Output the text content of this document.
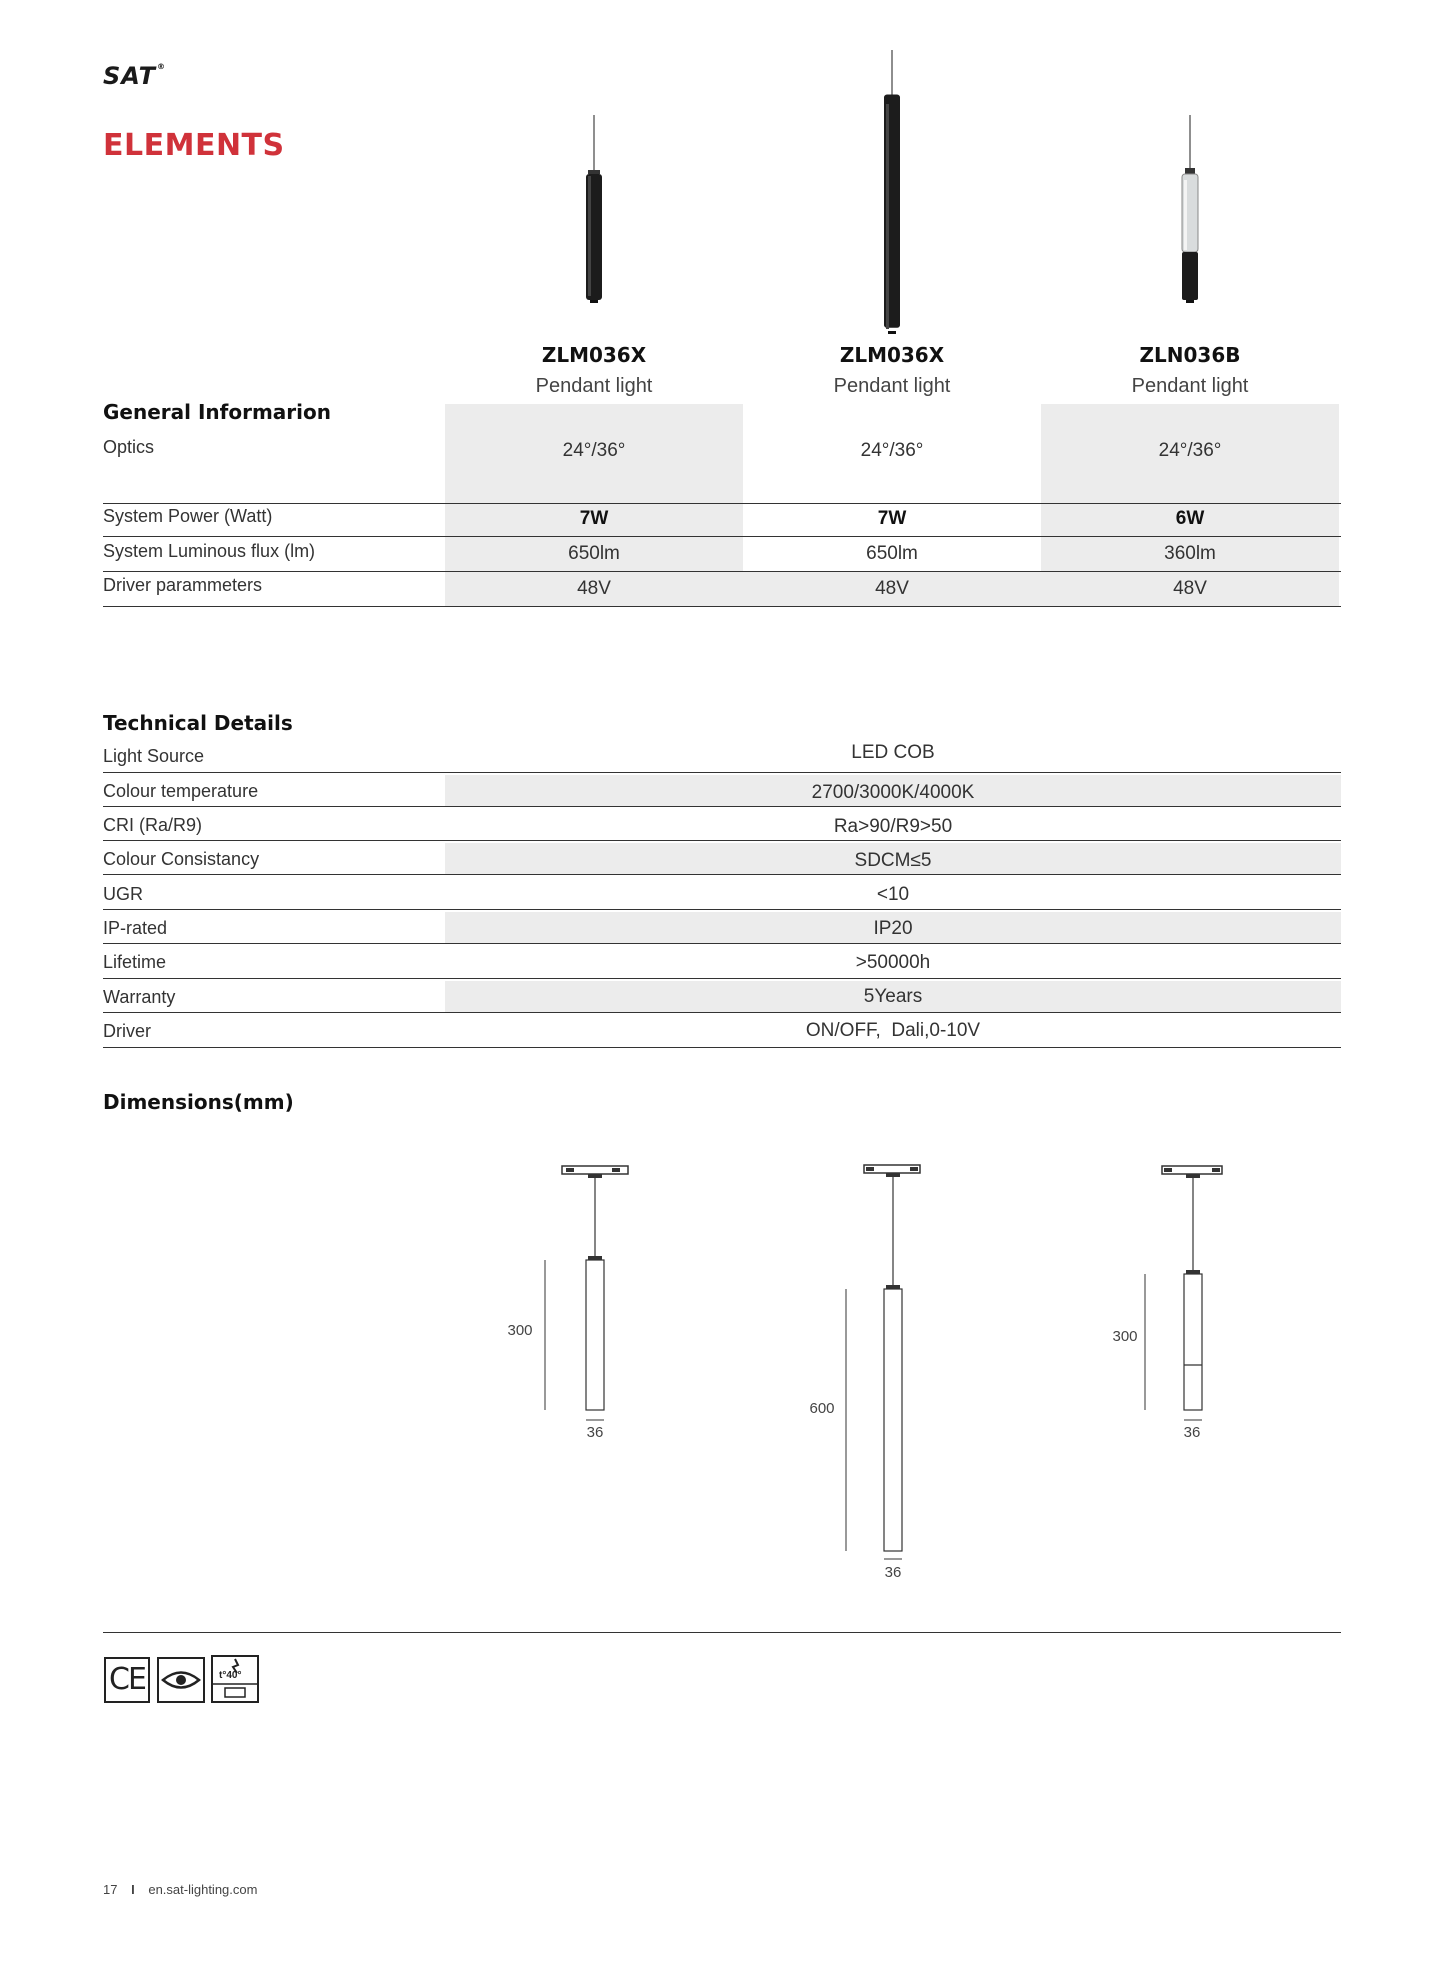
SAT®
ELEMENTS
ZLM036X
Pendant light
ZLM036X
Pendant light
ZLN036B
Pendant light
General Informarion
Optics	24°/36°	24°/36°	24°/36°
System Power (Watt)	7W	7W	6W
System Luminous flux (lm)	650lm	650lm	360lm
Driver parammeters	48V	48V	48V
Technical Details
Light Source	LED COB
Colour temperature	2700/3000K/4000K
CRI (Ra/R9)	Ra>90/R9>50
Colour Consistancy	SDCM≤5
UGR	<10
IP-rated	IP20
Lifetime	>50000h
Warranty	5Years
Driver	ON/OFF,  Dali,0-10V
Dimensions(mm)
300
36
600
36
300
36
CE	t°40°
17 I en.sat-lighting.com
